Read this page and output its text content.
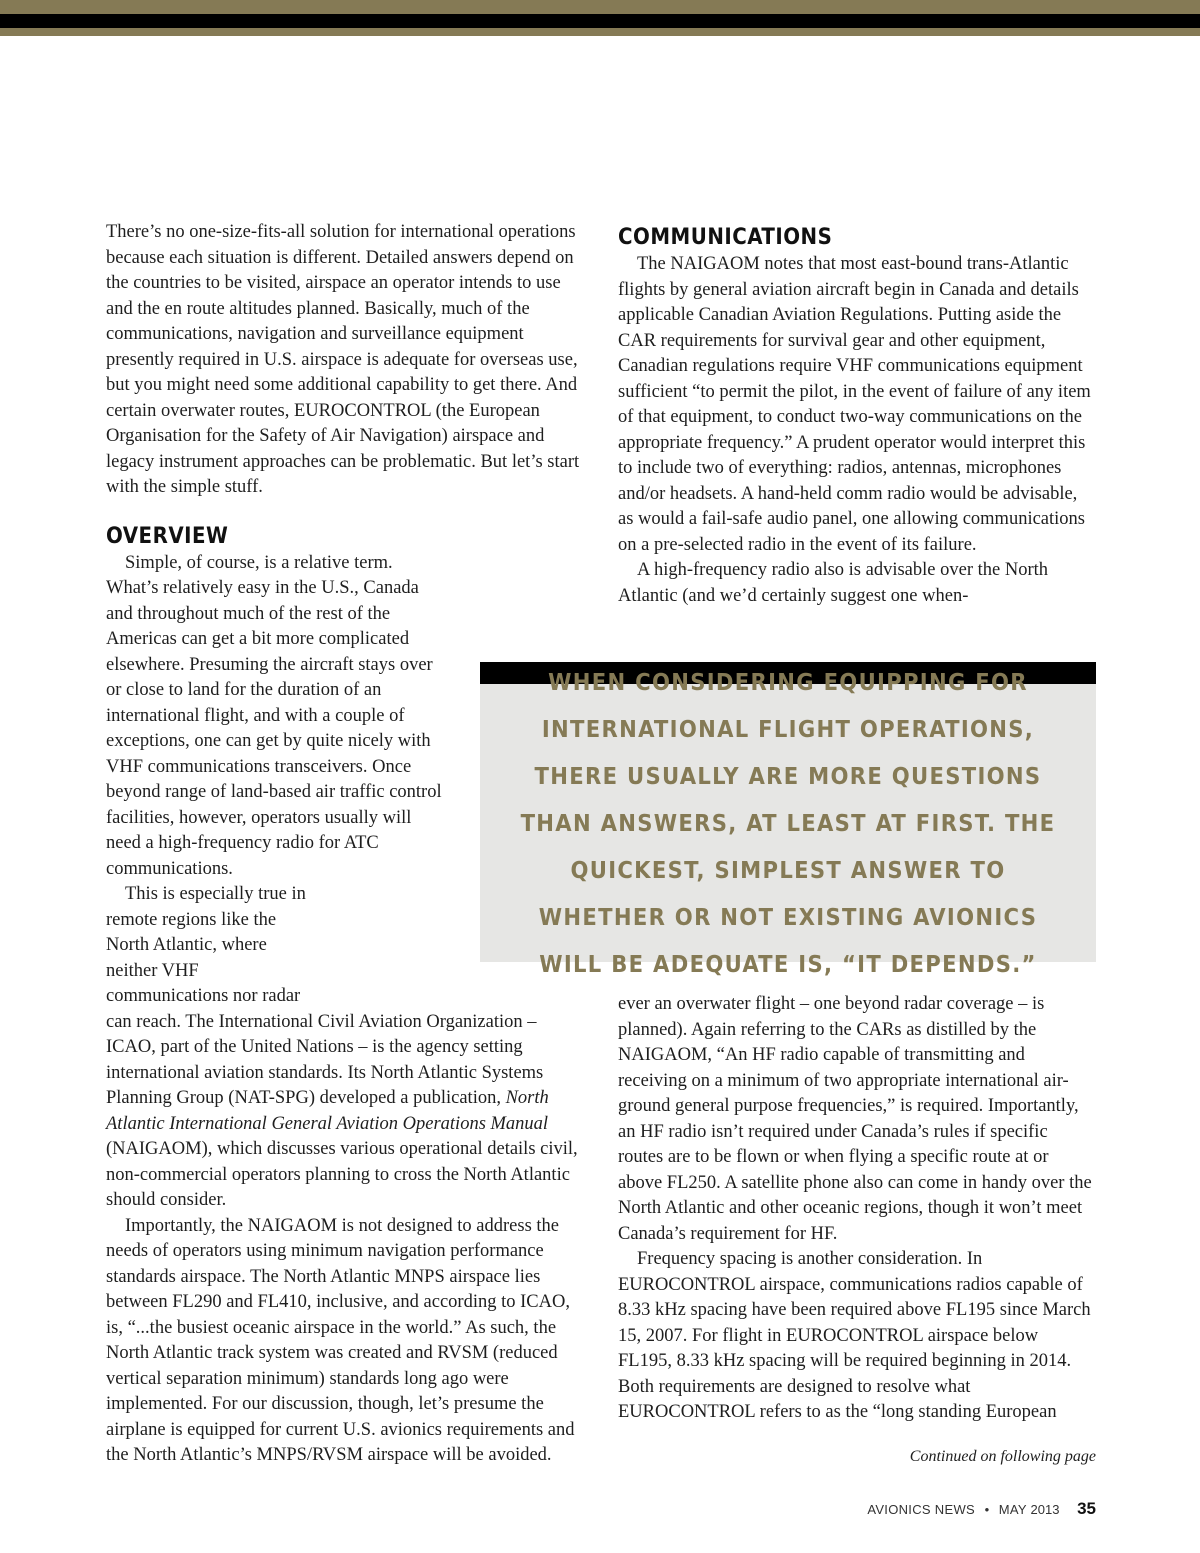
There’s no one-size-fits-all solution for international operations because each situation is different. Detailed answers depend on the countries to be visited, airspace an operator intends to use and the en route altitudes planned. Basically, much of the communications, navigation and surveillance equipment presently required in U.S. airspace is adequate for overseas use, but you might need some additional capability to get there. And certain overwater routes, EUROCONTROL (the European Organisation for the Safety of Air Navigation) airspace and legacy instrument approaches can be problematic. But let’s start with the simple stuff.

OVERVIEW

Simple, of course, is a relative term. What’s relatively easy in the U.S., Canada and throughout much of the rest of the Americas can get a bit more complicated elsewhere. Presuming the aircraft stays over or close to land for the duration of an international flight, and with a couple of exceptions, one can get by quite nicely with VHF communications transceivers. Once beyond range of land-based air traffic control facilities, however, operators usually will need a high-frequency radio for ATC communications.

This is especially true in remote regions like the North Atlantic, where neither VHF communications nor radar can reach. The International Civil Aviation Organization – ICAO, part of the United Nations – is the agency setting international aviation standards. Its North Atlantic Systems Planning Group (NAT-SPG) developed a publication, North Atlantic International General Aviation Operations Manual (NAIGAOM), which discusses various operational details civil, non-commercial operators planning to cross the North Atlantic should consider.

Importantly, the NAIGAOM is not designed to address the needs of operators using minimum navigation performance standards airspace. The North Atlantic MNPS airspace lies between FL290 and FL410, inclusive, and according to ICAO, is, “...the busiest oceanic airspace in the world.” As such, the North Atlantic track system was created and RVSM (reduced vertical separation minimum) standards long ago were implemented. For our discussion, though, let’s presume the airplane is equipped for current U.S. avionics requirements and the North Atlantic’s MNPS/RVSM airspace will be avoided.

COMMUNICATIONS

The NAIGAOM notes that most east-bound trans-Atlantic flights by general aviation aircraft begin in Canada and details applicable Canadian Aviation Regulations. Putting aside the CAR requirements for survival gear and other equipment, Canadian regulations require VHF communications equipment sufficient “to permit the pilot, in the event of failure of any item of that equipment, to conduct two-way communications on the appropriate frequency.” A prudent operator would interpret this to include two of everything: radios, antennas, microphones and/or headsets. A hand-held comm radio would be advisable, as would a fail-safe audio panel, one allowing communications on a pre-selected radio in the event of its failure.

A high-frequency radio also is advisable over the North Atlantic (and we’d certainly suggest one when-

WHEN CONSIDERING EQUIPPING FOR INTERNATIONAL FLIGHT OPERATIONS, THERE USUALLY ARE MORE QUESTIONS THAN ANSWERS, AT LEAST AT FIRST. THE QUICKEST, SIMPLEST ANSWER TO WHETHER OR NOT EXISTING AVIONICS WILL BE ADEQUATE IS, “IT DEPENDS.”

ever an overwater flight – one beyond radar coverage – is planned). Again referring to the CARs as distilled by the NAIGAOM, “An HF radio capable of transmitting and receiving on a minimum of two appropriate international air-ground general purpose frequencies,” is required. Importantly, an HF radio isn’t required under Canada’s rules if specific routes are to be flown or when flying a specific route at or above FL250. A satellite phone also can come in handy over the North Atlantic and other oceanic regions, though it won’t meet Canada’s requirement for HF.

Frequency spacing is another consideration. In EUROCONTROL airspace, communications radios capable of 8.33 kHz spacing have been required above FL195 since March 15, 2007. For flight in EUROCONTROL airspace below FL195, 8.33 kHz spacing will be required beginning in 2014. Both requirements are designed to resolve what EUROCONTROL refers to as the “long standing European

Continued on following page
AVIONICS NEWS • MAY 2013 35
